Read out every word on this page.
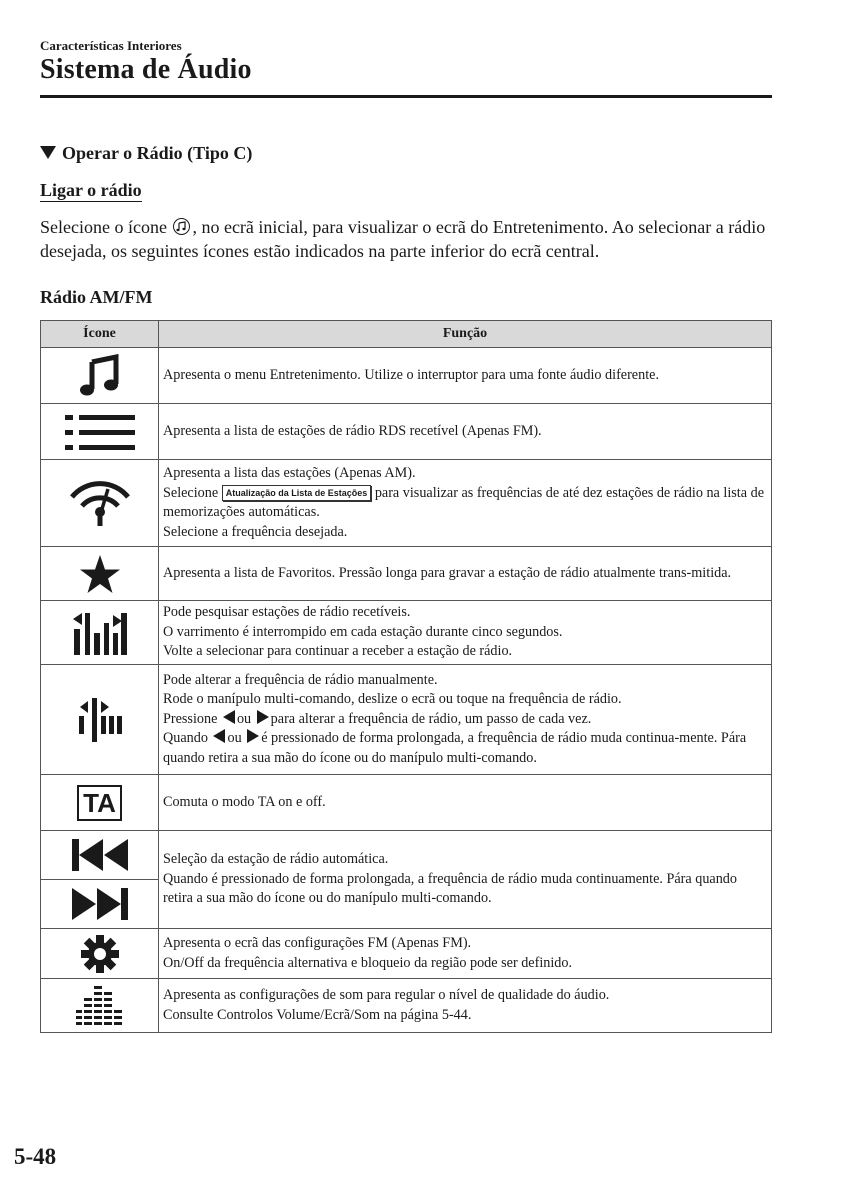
Características Interiores
Sistema de Áudio
Operar o Rádio (Tipo C)
Ligar o rádio
Selecione o ícone , no ecrã inicial, para visualizar o ecrã do Entretenimento. Ao selecionar a rádio desejada, os seguintes ícones estão indicados na parte inferior do ecrã central.
Rádio AM/FM
Ícone	Função

Apresenta o menu Entretenimento. Utilize o interruptor para uma fonte áudio diferente.

Apresenta a lista de estações de rádio RDS recetível (Apenas FM).

Apresenta a lista das estações (Apenas AM).
Selecione Atualização da Lista de Estações para visualizar as frequências de até dez estações de rádio na lista de memorizações automáticas.
Selecione a frequência desejada.

Apresenta a lista de Favoritos. Pressão longa para gravar a estação de rádio atualmente trans-mitida.

Pode pesquisar estações de rádio recetíveis.
O varrimento é interrompido em cada estação durante cinco segundos.
Volte a selecionar para continuar a receber a estação de rádio.

Pode alterar a frequência de rádio manualmente.
Rode o manípulo multi-comando, deslize o ecrã ou toque na frequência de rádio.
Pressione ou para alterar a frequência de rádio, um passo de cada vez.
Quando ou é pressionado de forma prolongada, a frequência de rádio muda continua-mente. Pára quando retira a sua mão do ícone ou do manípulo multi-comando.

TA	Comuta o modo TA on e off.

Seleção da estação de rádio automática.
Quando é pressionado de forma prolongada, a frequência de rádio muda continuamente. Pára quando retira a sua mão do ícone ou do manípulo multi-comando.

Apresenta o ecrã das configurações FM (Apenas FM).
On/Off da frequência alternativa e bloqueio da região pode ser definido.

Apresenta as configurações de som para regular o nível de qualidade do áudio.
Consulte Controlos Volume/Ecrã/Som na página 5-44.
5-48
